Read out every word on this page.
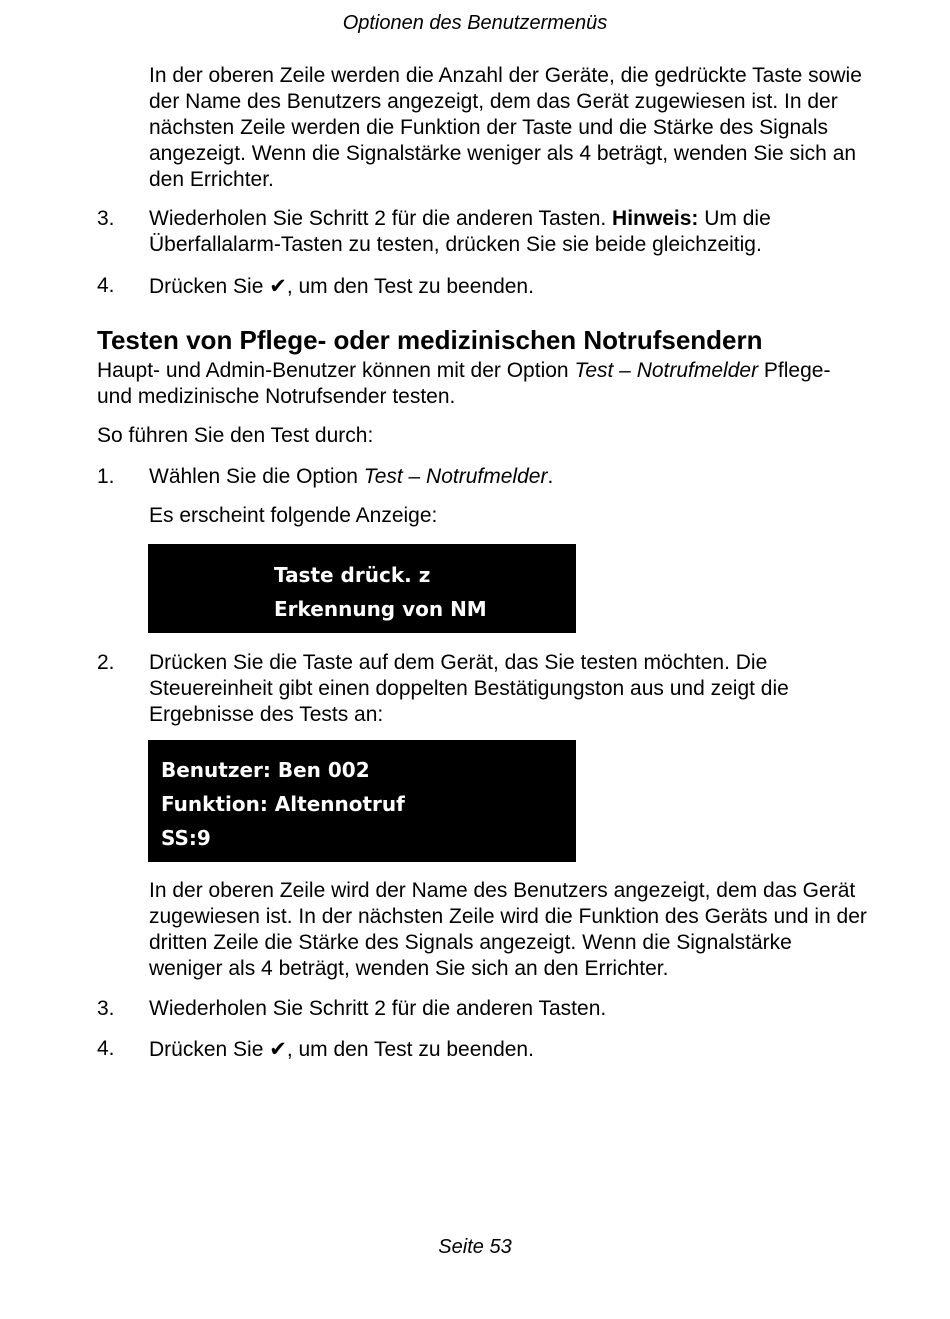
Optionen des Benutzermenüs

In der oberen Zeile werden die Anzahl der Geräte, die gedrückte Taste sowie der Name des Benutzers angezeigt, dem das Gerät zugewiesen ist. In der nächsten Zeile werden die Funktion der Taste und die Stärke des Signals angezeigt. Wenn die Signalstärke weniger als 4 beträgt, wenden Sie sich an den Errichter.

3. Wiederholen Sie Schritt 2 für die anderen Tasten. Hinweis: Um die Überfallalarm-Tasten zu testen, drücken Sie sie beide gleichzeitig.

4. Drücken Sie ✔, um den Test zu beenden.

Testen von Pflege- oder medizinischen Notrufsendern

Haupt- und Admin-Benutzer können mit der Option Test – Notrufmelder Pflege- und medizinische Notrufsender testen.

So führen Sie den Test durch:

1. Wählen Sie die Option Test – Notrufmelder.

Es erscheint folgende Anzeige:

Taste drück. z
Erkennung von NM

2. Drücken Sie die Taste auf dem Gerät, das Sie testen möchten. Die Steuereinheit gibt einen doppelten Bestätigungston aus und zeigt die Ergebnisse des Tests an:

Benutzer: Ben 002
Funktion: Altennotruf
SS:9

In der oberen Zeile wird der Name des Benutzers angezeigt, dem das Gerät zugewiesen ist. In der nächsten Zeile wird die Funktion des Geräts und in der dritten Zeile die Stärke des Signals angezeigt. Wenn die Signalstärke weniger als 4 beträgt, wenden Sie sich an den Errichter.

3. Wiederholen Sie Schritt 2 für die anderen Tasten.

4. Drücken Sie ✔, um den Test zu beenden.

Seite 53
